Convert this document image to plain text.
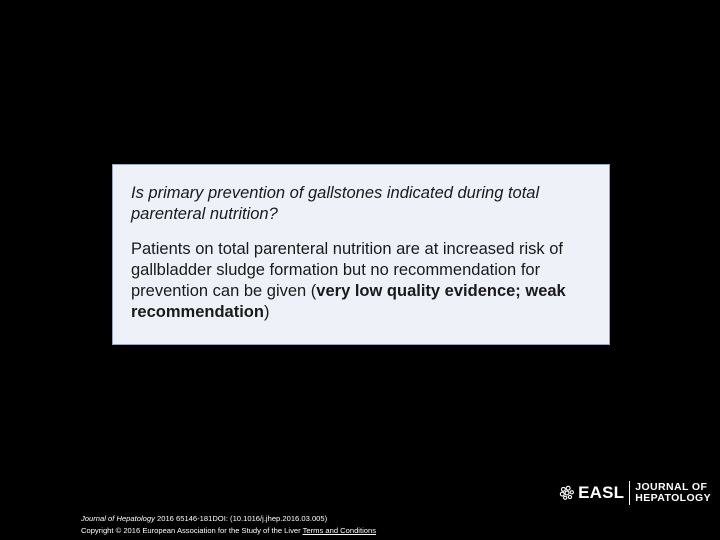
Is primary prevention of gallstones indicated during total parenteral nutrition?

Patients on total parenteral nutrition are at increased risk of gallbladder sludge formation but no recommendation for prevention can be given (very low quality evidence; weak recommendation)

EASL	JOURNAL OF
HEPATOLOGY
Journal of Hepatology 2016 65146-181DOI: (10.1016/j.jhep.2016.03.005)
Copyright © 2016 European Association for the Study of the Liver Terms and Conditions
